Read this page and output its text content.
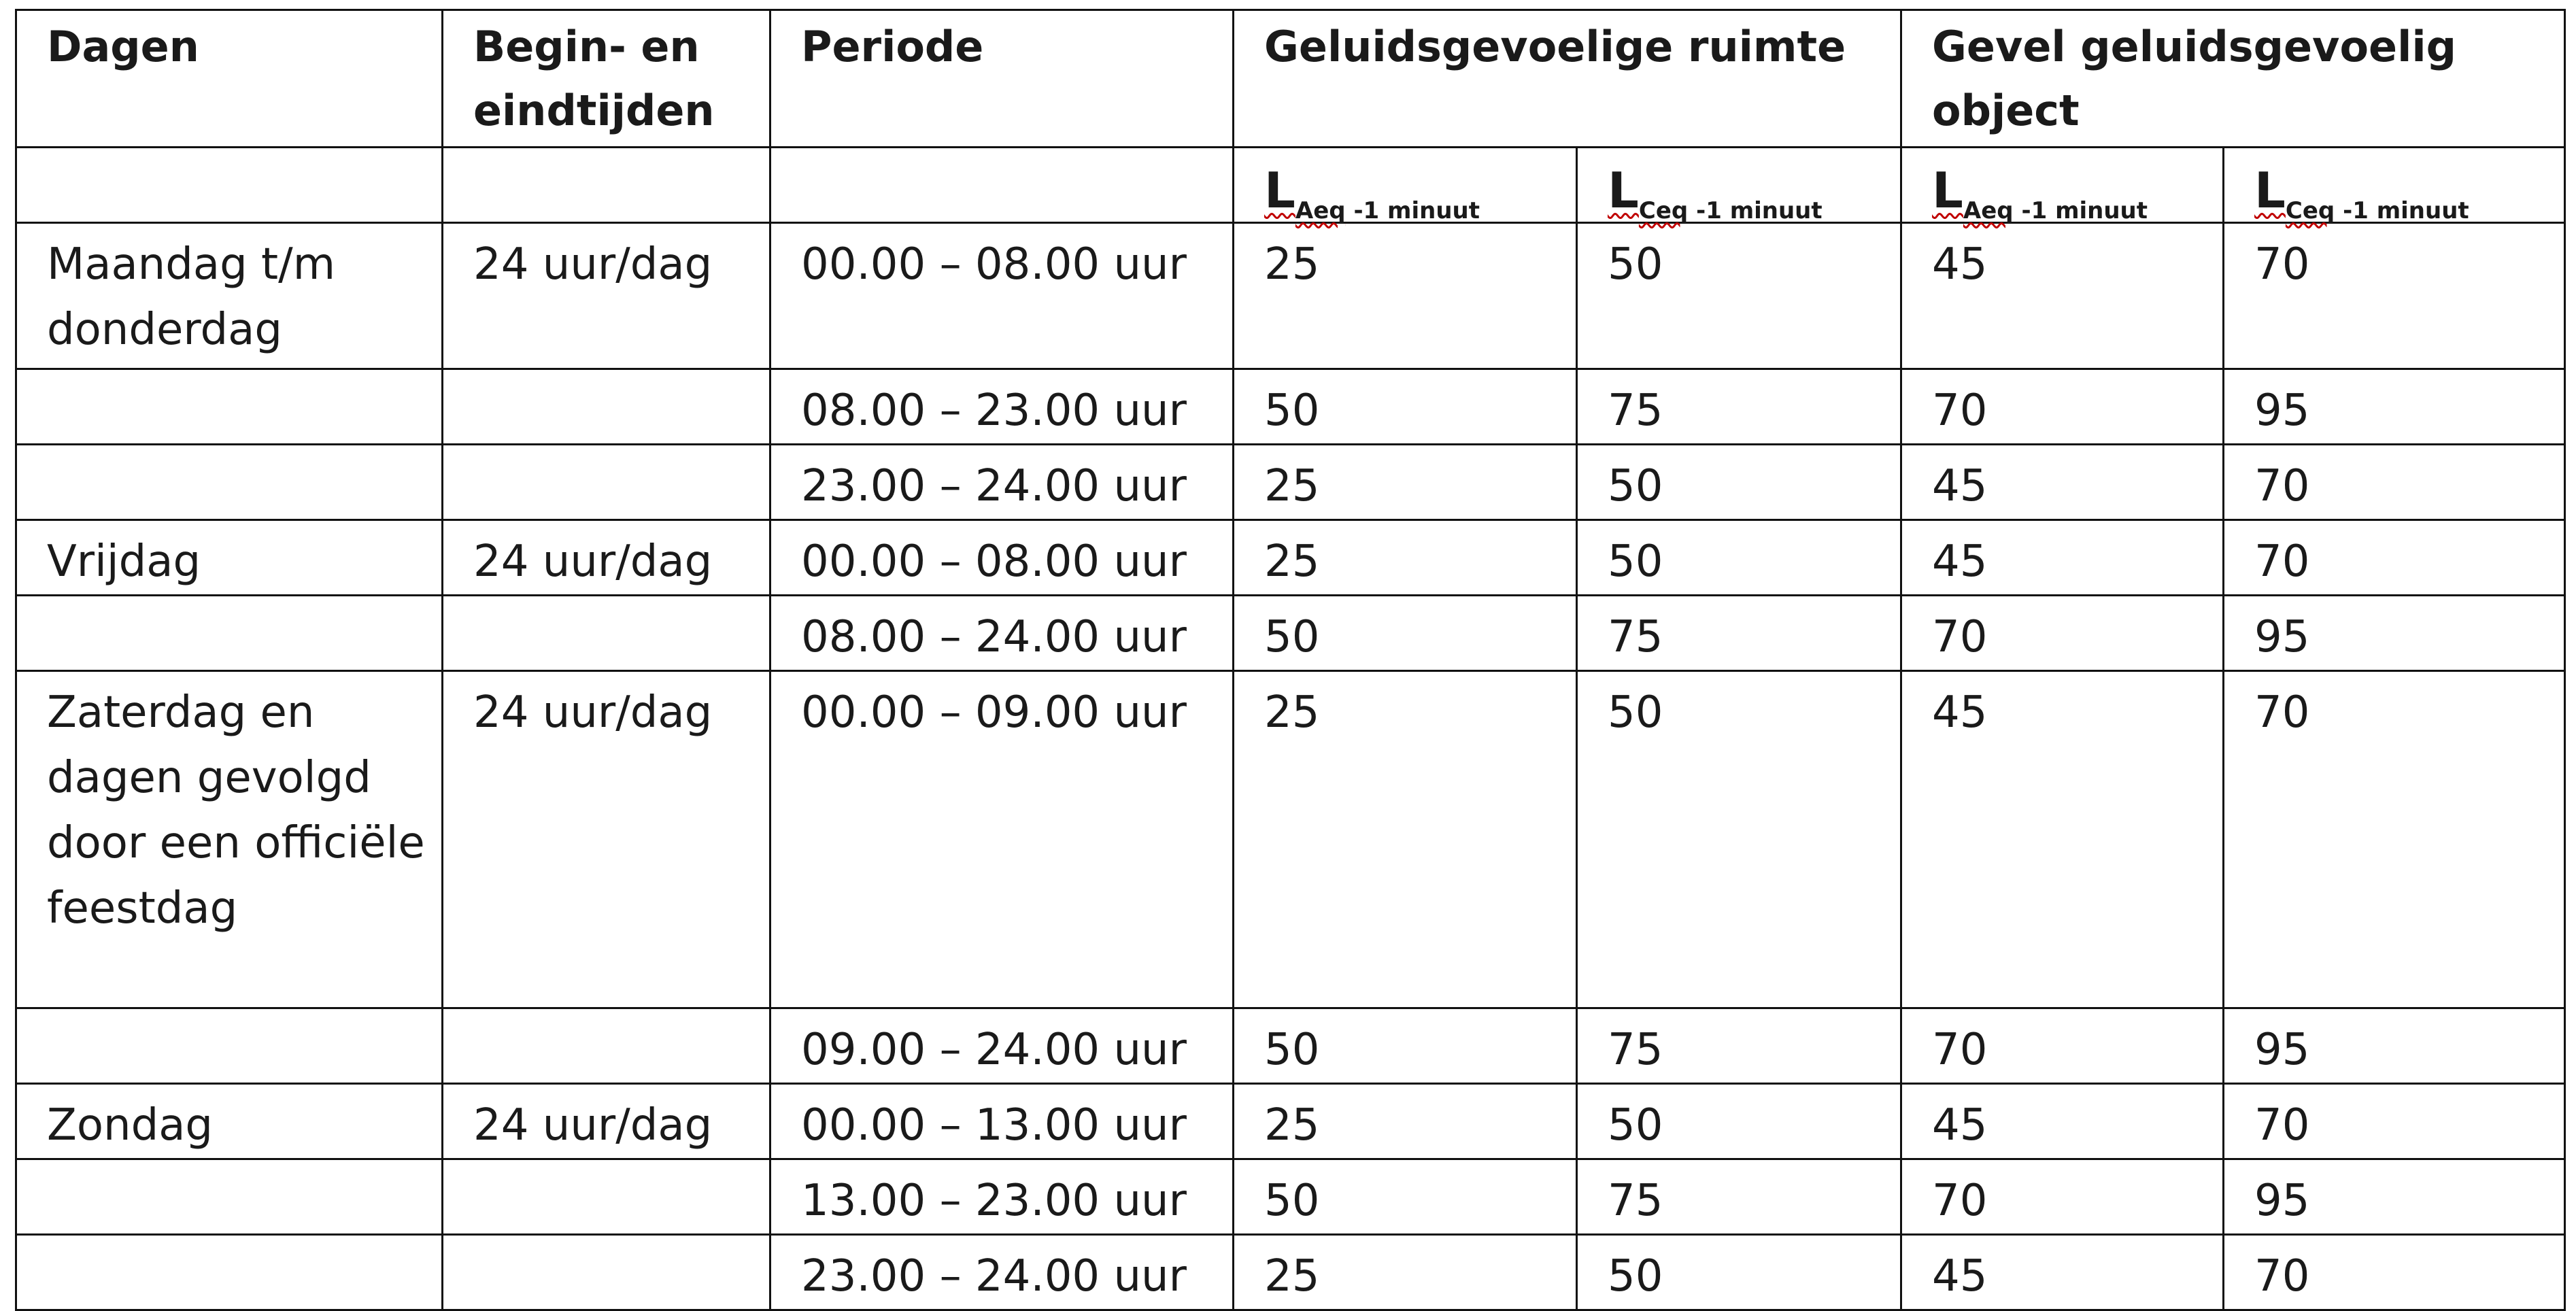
Dagen	Begin- en eindtijden	Periode	Geluidsgevoelige ruimte		Gevel geluidsgevoelig object	
			$L_{Aeq}$ $_{-1 minuut}$	$L_{Ceq}$ $_{-1 minuut}$	$L_{Aeq}$ $_{-1 minuut}$	$L_{Ceq}$ $_{-1 minuut}$
Maandag t/m donderdag	24 uur/dag	00.00 – 08.00 uur	25	50	45	70
		08.00 – 23.00 uur	50	75	70	95
		23.00 – 24.00 uur	25	50	45	70
Vrijdag	24 uur/dag	00.00 – 08.00 uur	25	50	45	70
		08.00 – 24.00 uur	50	75	70	95
Zaterdag en dagen gevolgd door een officiële feestdag	24 uur/dag	00.00 – 09.00 uur	25	50	45	70
		09.00 – 24.00 uur	50	75	70	95
Zondag	24 uur/dag	00.00 – 13.00 uur	25	50	45	70
		13.00 – 23.00 uur	50	75	70	95
		23.00 – 24.00 uur	25	50	45	70
